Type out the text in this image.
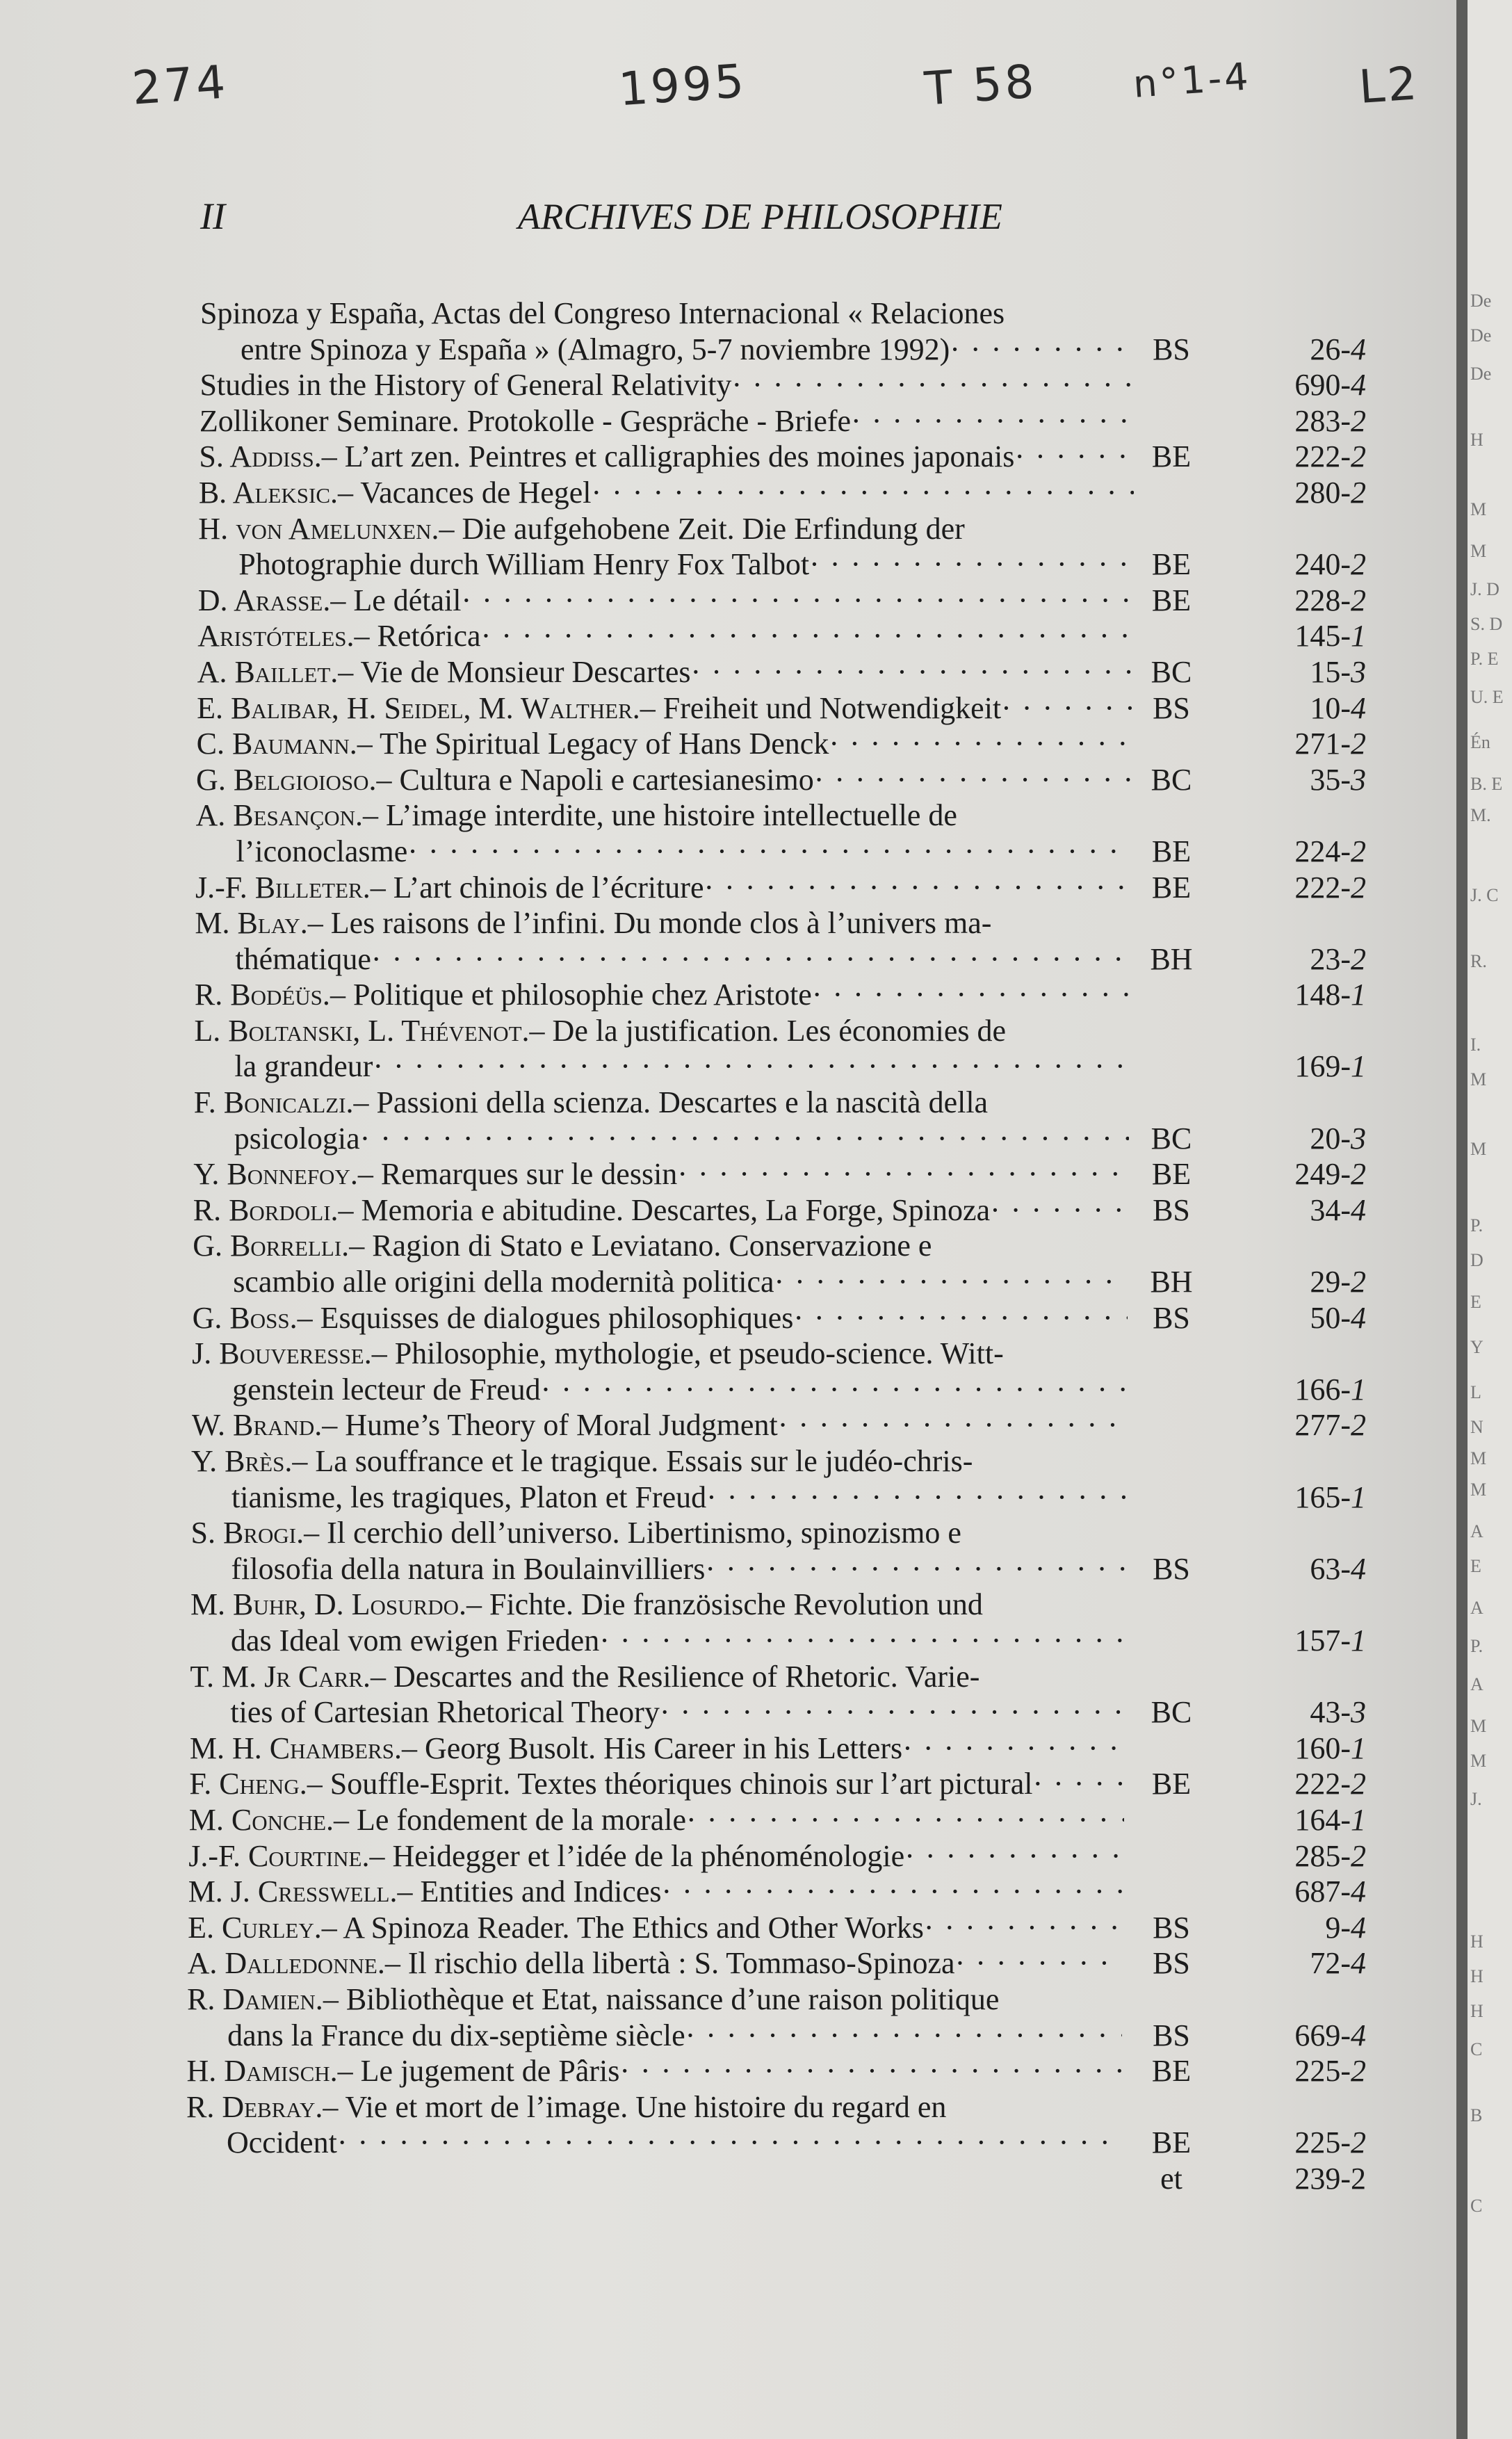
274	1995	T 58 n°1-4 L2
II	ARCHIVES DE PHILOSOPHIE
Spinoza y España, Actas del Congreso Internacional « Relaciones
entre Spinoza y España » (Almagro, 5-7 noviembre 1992) · · ·	BS	26-4
Studies in the History of General Relativity · · ·	690-4
Zollikoner Seminare. Protokolle - Gespräche - Briefe · · ·	283-2
S. Addiss. – L’art zen. Peintres et calligraphies des moines japonais · · ·	BE	222-2
B. Aleksic. – Vacances de Hegel · · ·	280-2
H. von Amelunxen. – Die aufgehobene Zeit. Die Erfindung der
Photographie durch William Henry Fox Talbot · · ·	BE	240-2
D. Arasse. – Le détail · · ·	BE	228-2
Aristóteles. – Retórica · · ·	145-1
A. Baillet. – Vie de Monsieur Descartes · · ·	BC	15-3
E. Balibar, H. Seidel, M. Walther. – Freiheit und Notwendigkeit · · ·	BS	10-4
C. Baumann. – The Spiritual Legacy of Hans Denck · · ·	271-2
G. Belgioioso. – Cultura e Napoli e cartesianesimo · · ·	BC	35-3
A. Besançon. – L’image interdite, une histoire intellectuelle de
l’iconoclasme · · ·	BE	224-2
J.-F. Billeter. – L’art chinois de l’écriture · · ·	BE	222-2
M. Blay. – Les raisons de l’infini. Du monde clos à l’univers ma-
thématique · · ·	BH	23-2
R. Bodéüs. – Politique et philosophie chez Aristote · · ·	148-1
L. Boltanski, L. Thévenot. – De la justification. Les économies de
la grandeur · · ·	169-1
F. Bonicalzi. – Passioni della scienza. Descartes e la nascità della
psicologia · · ·	BC	20-3
Y. Bonnefoy. – Remarques sur le dessin · · ·	BE	249-2
R. Bordoli. – Memoria e abitudine. Descartes, La Forge, Spinoza · · ·	BS	34-4
G. Borrelli. – Ragion di Stato e Leviatano. Conservazione e
scambio alle origini della modernità politica · · ·	BH	29-2
G. Boss. – Esquisses de dialogues philosophiques · · ·	BS	50-4
J. Bouveresse. – Philosophie, mythologie, et pseudo-science. Witt-
genstein lecteur de Freud · · ·	166-1
W. Brand. – Hume’s Theory of Moral Judgment · · ·	277-2
Y. Brès. – La souffrance et le tragique. Essais sur le judéo-chris-
tianisme, les tragiques, Platon et Freud · · ·	165-1
S. Brogi. – Il cerchio dell’universo. Libertinismo, spinozismo e
filosofia della natura in Boulainvilliers · · ·	BS	63-4
M. Buhr, D. Losurdo. – Fichte. Die französische Revolution und
das Ideal vom ewigen Frieden · · ·	157-1
T. M. Jr Carr. – Descartes and the Resilience of Rhetoric. Varie-
ties of Cartesian Rhetorical Theory · · ·	BC	43-3
M. H. Chambers. – Georg Busolt. His Career in his Letters · · ·	160-1
F. Cheng. – Souffle-Esprit. Textes théoriques chinois sur l’art pictural · · ·	BE	222-2
M. Conche. – Le fondement de la morale · · ·	164-1
J.-F. Courtine. – Heidegger et l’idée de la phénoménologie · · ·	285-2
M. J. Cresswell. – Entities and Indices · · ·	687-4
E. Curley. – A Spinoza Reader. The Ethics and Other Works · · ·	BS	9-4
A. Dalledonne. – Il rischio della libertà : S. Tommaso-Spinoza · · ·	BS	72-4
R. Damien. – Bibliothèque et Etat, naissance d’une raison politique
dans la France du dix-septième siècle · · ·	BS	669-4
H. Damisch. – Le jugement de Pâris · · ·	BE	225-2
R. Debray. – Vie et mort de l’image. Une histoire du regard en
Occident · · ·	BE	225-2
et	239-2
De
De
De
H
M
M
J. D
S. D
P. E
U. E
Én
B. E
M.
J. C
R.
I.
M
M
P.
D
E
Y
L
N
M
M
A
E
A
P.
A
M
M
J.
H
H
H
C
B
C
